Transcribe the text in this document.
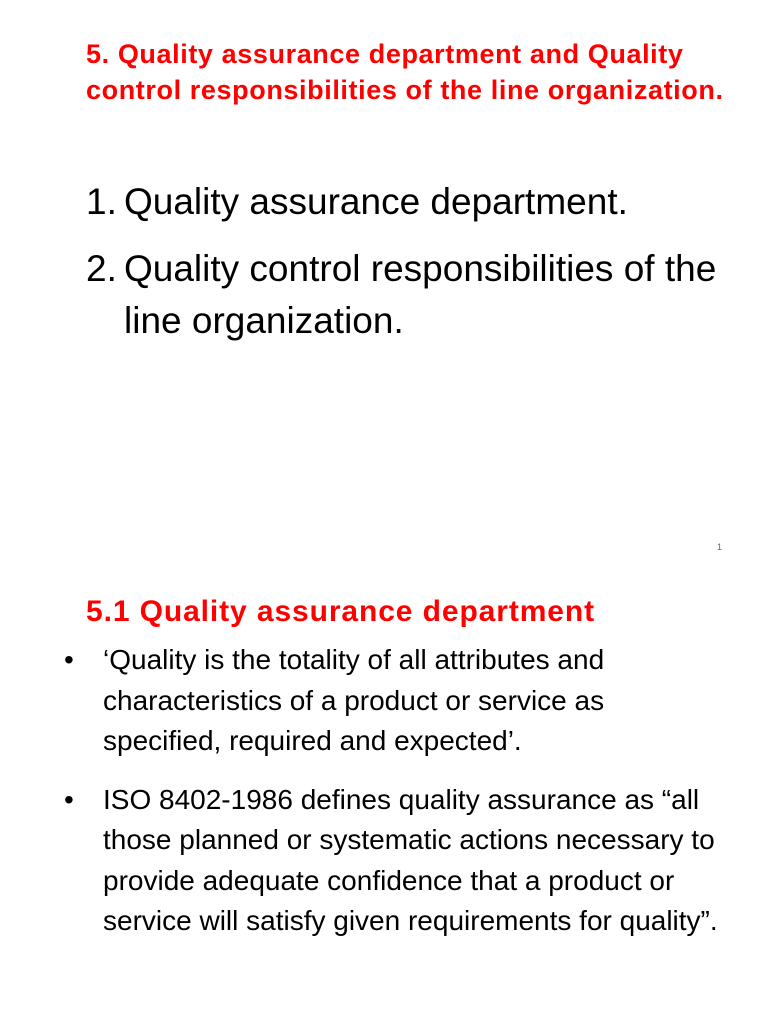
5. Quality assurance department and Quality control responsibilities of the line organization.
1. Quality assurance department.
2. Quality control responsibilities of the line organization.
1
5.1 Quality assurance department
• ‘Quality is the totality of all attributes and characteristics of a product or service as specified, required and expected’.
• ISO 8402-1986 defines quality assurance as “all those planned or systematic actions necessary to provide adequate confidence that a product or service will satisfy given requirements for quality”.
